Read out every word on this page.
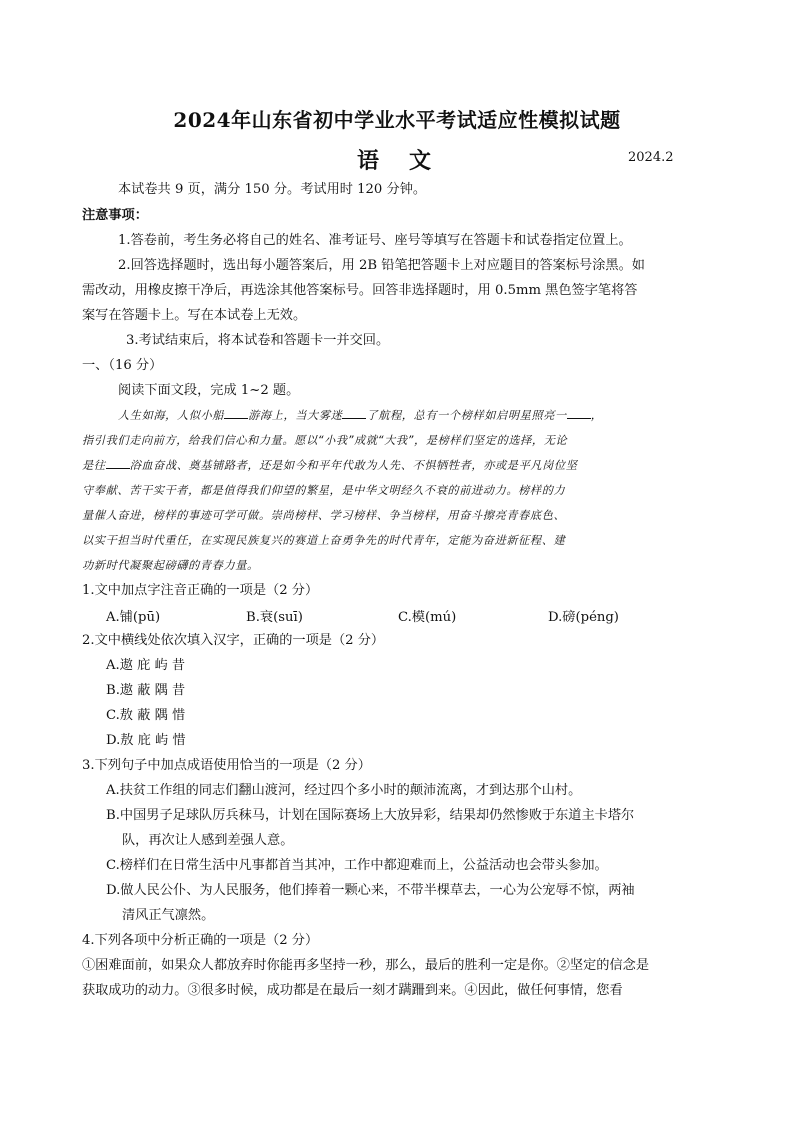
2024年山东省初中学业水平考试适应性模拟试题
语文	2024.2
本试卷共 9 页，满分 150 分。考试用时 120 分钟。
注意事项：
1.答卷前，考生务必将自己的姓名、准考证号、座号等填写在答题卡和试卷指定位置上。
2.回答选择题时，选出每小题答案后，用 2B 铅笔把答题卡上对应题目的答案标号涂黑。如
需改动，用橡皮擦干净后，再选涂其他答案标号。回答非选择题时，用 0.5mm 黑色签字笔将答
案写在答题卡上。写在本试卷上无效。
3.考试结束后，将本试卷和答题卡一并交回。
一、（16 分）
阅读下面文段，完成 1~2 题。
人生如海，人似小船 游海上，当大雾迷 了航程，总有一个榜样如启明星照亮一 ，
指引我们走向前方，给我们信心和力量。愿以“小我”成就“大我”，是榜样们坚定的选择，无论
是往 浴血奋战、奠基铺路者，还是如今和平年代敢为人先、不惧牺牲者，亦或是平凡岗位坚
守奉献、苦干实干者，都是值得我们仰望的繁星，是中华文明经久不衰的前进动力。榜样的力
量催人奋进，榜样的事迹可学可做。崇尚榜样、学习榜样、争当榜样，用奋斗擦亮青春底色、
以实干担当时代重任，在实现民族复兴的赛道上奋勇争先的时代青年，定能为奋进新征程、建
功新时代凝聚起磅礴的青春力量。
1.文中加点字注音正确的一项是（2 分）
A.铺(pū)	B.衰(suī)	C.模(mú)	D.磅(péng)
2.文中横线处依次填入汉字，正确的一项是（2 分）
A.遨 庇 屿 昔
B.遨 蔽 隅 昔
C.敖 蔽 隅 惜
D.敖 庇 屿 惜
3.下列句子中加点成语使用恰当的一项是（2 分）
A.扶贫工作组的同志们翻山渡河，经过四个多小时的颠沛流离，才到达那个山村。
B.中国男子足球队厉兵秣马，计划在国际赛场上大放异彩，结果却仍然惨败于东道主卡塔尔
队，再次让人感到差强人意。
C.榜样们在日常生活中凡事都首当其冲，工作中都迎难而上，公益活动也会带头参加。
D.做人民公仆、为人民服务，他们捧着一颗心来，不带半棵草去，一心为公宠辱不惊，两袖
清风正气凛然。
4.下列各项中分析正确的一项是（2 分）
①困难面前，如果众人都放弃时你能再多坚持一秒，那么，最后的胜利一定是你。②坚定的信念是
获取成功的动力。③很多时候，成功都是在最后一刻才蹒跚到来。④因此，做任何事情，您看
